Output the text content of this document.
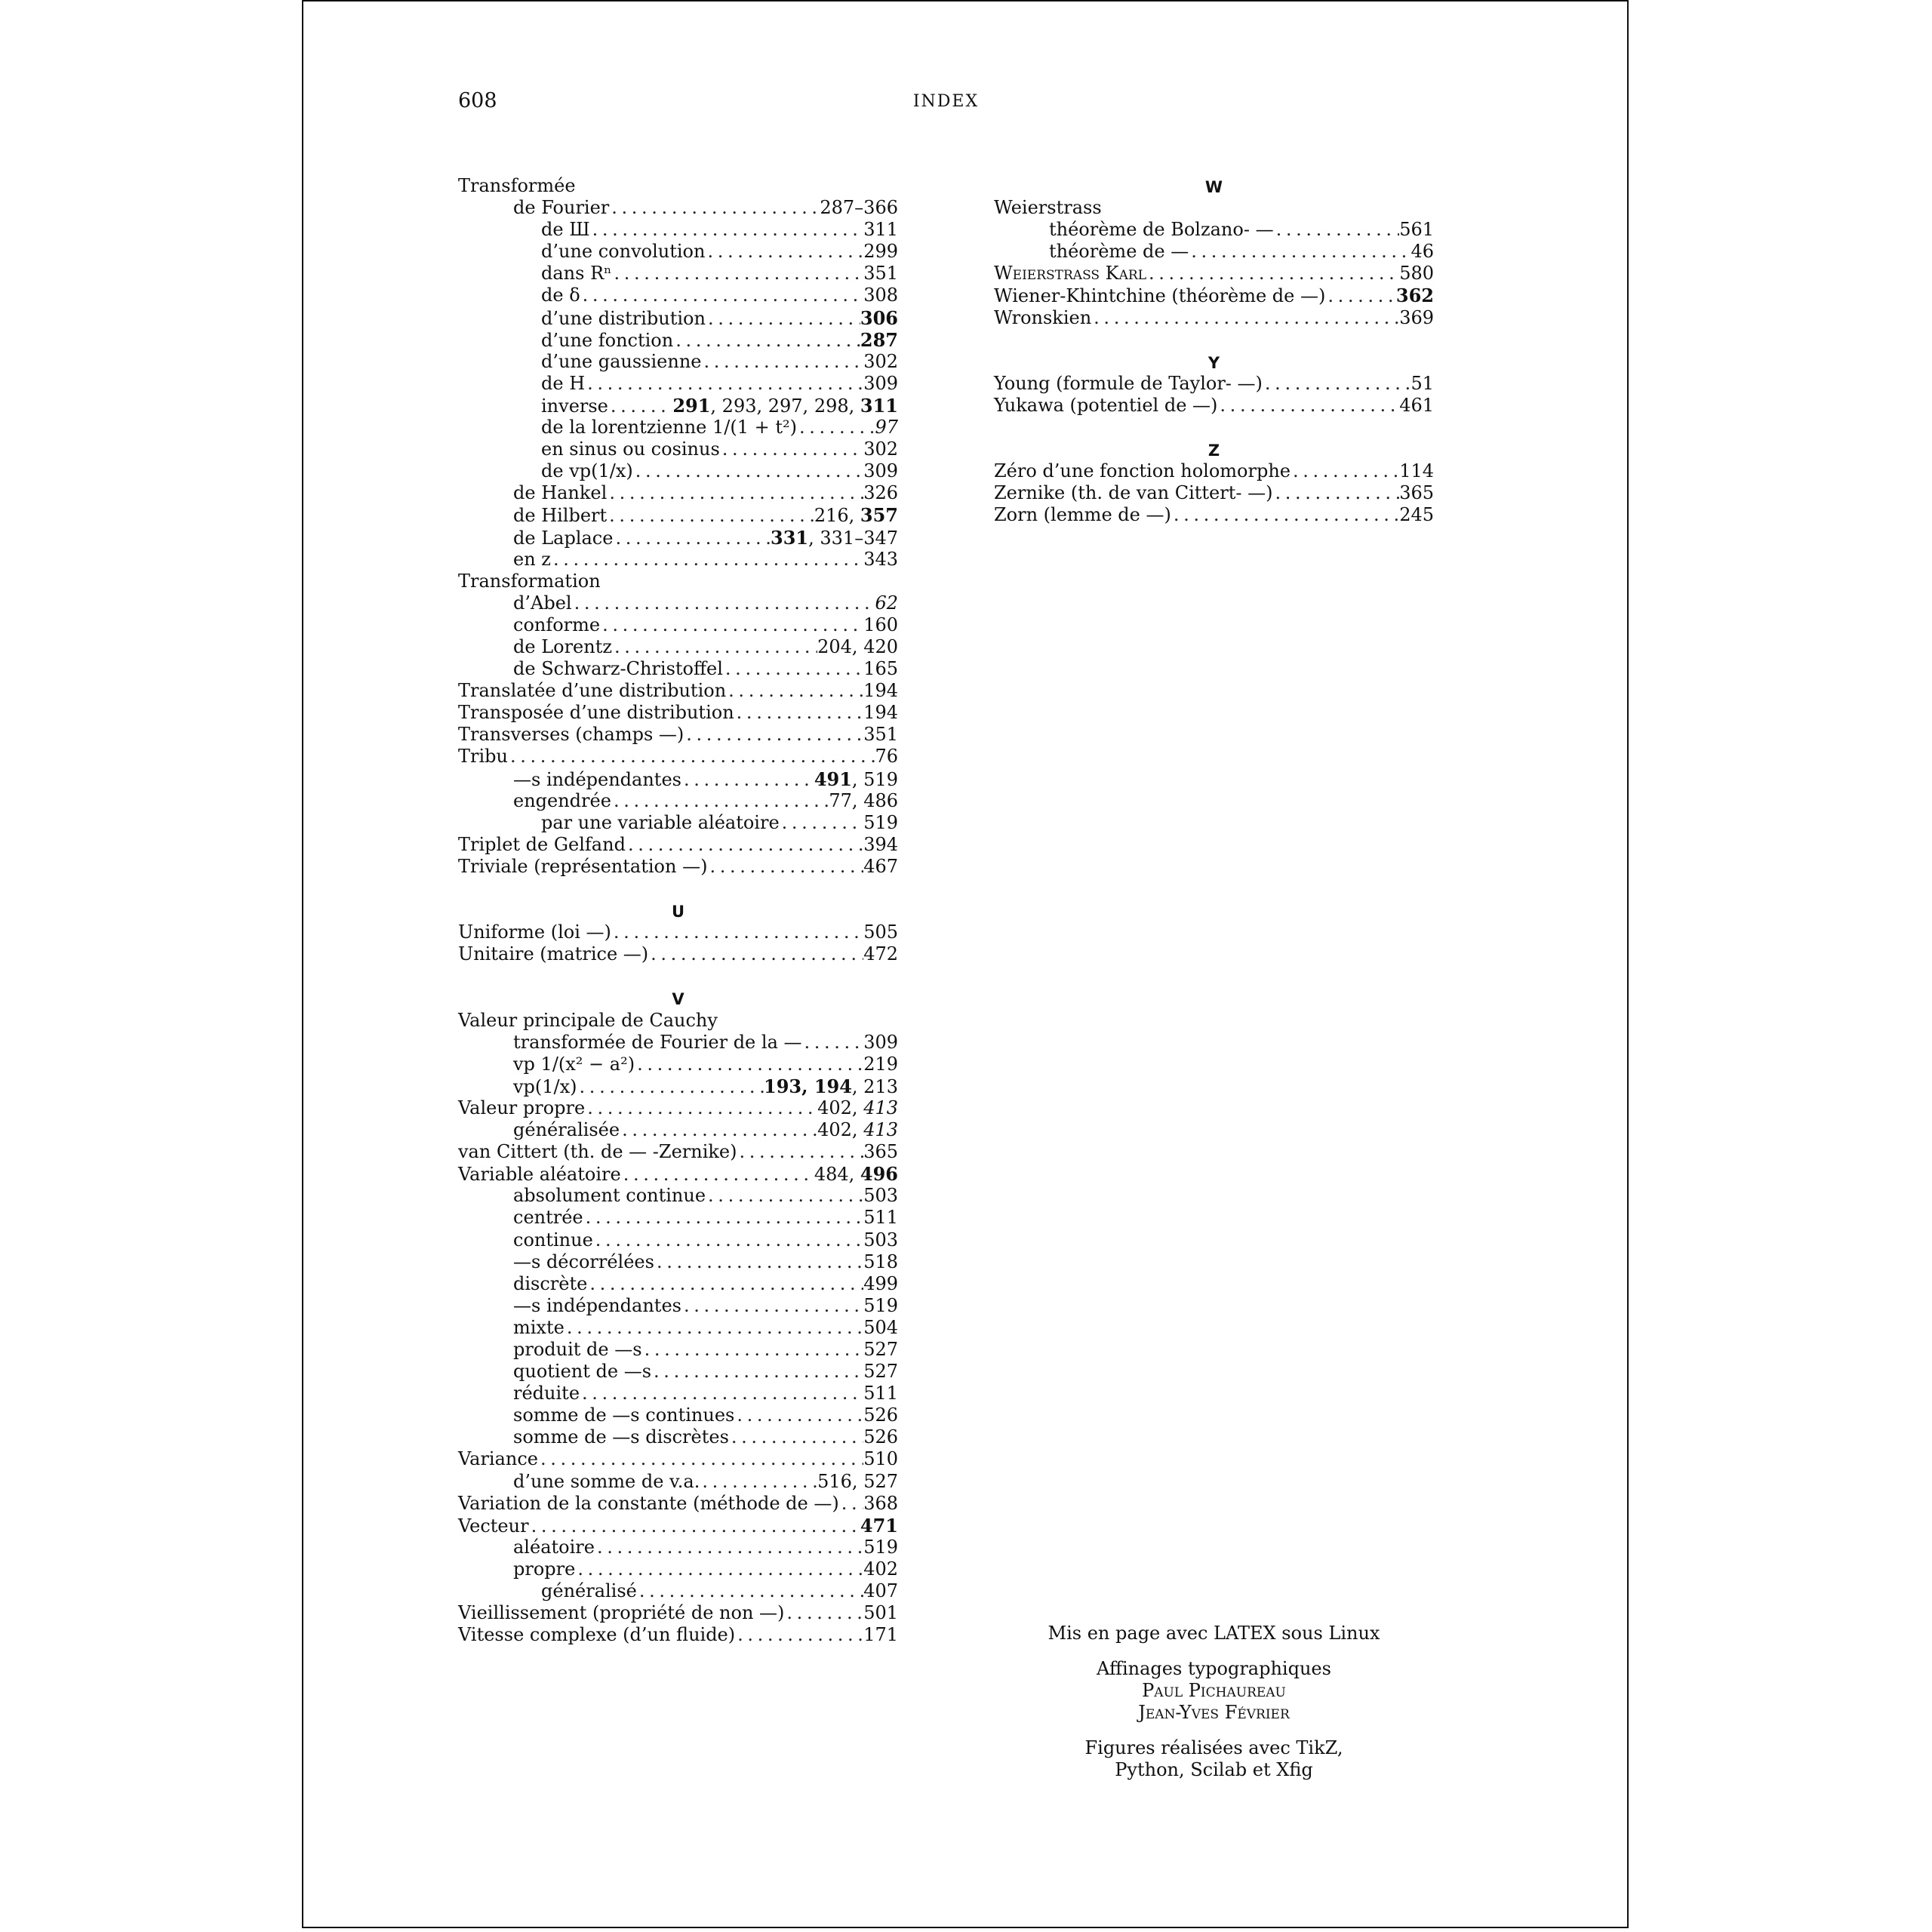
608	INDEX
Transformée
de Fourier . . .	287–366
de Ш . . .	311
d’une convolution . . .	299
dans Rⁿ . . .	351
de δ . . .	308
d’une distribution . . .	306
d’une fonction . . .	287
d’une gaussienne . . .	302
de H . . .	309
inverse . . .	291, 293, 297, 298, 311
de la lorentzienne 1/(1 + t²) . . .	97
en sinus ou cosinus . . .	302
de vp(1/x) . . .	309
de Hankel . . .	326
de Hilbert . . .	216, 357
de Laplace . . .	331, 331–347
en z . . .	343
Transformation
d’Abel . . .	62
conforme . . .	160
de Lorentz . . .	204, 420
de Schwarz-Christoffel . . .	165
Translatée d’une distribution . . .	194
Transposée d’une distribution . . .	194
Transverses (champs —) . . .	351
Tribu . . .	76
—s indépendantes . . .	491, 519
engendrée . . .	77, 486
par une variable aléatoire . . .	519
Triplet de Gelfand . . .	394
Triviale (représentation —) . . .	467
U
Uniforme (loi —) . . .	505
Unitaire (matrice —) . . .	472
V
Valeur principale de Cauchy
transformée de Fourier de la — . . .	309
vp 1/(x² − a²) . . .	219
vp(1/x) . . .	193, 194, 213
Valeur propre . . .	402, 413
généralisée . . .	402, 413
van Cittert (th. de — -Zernike) . . .	365
Variable aléatoire . . .	484, 496
absolument continue . . .	503
centrée . . .	511
continue . . .	503
—s décorrélées . . .	518
discrète . . .	499
—s indépendantes . . .	519
mixte . . .	504
produit de —s . . .	527
quotient de —s . . .	527
réduite . . .	511
somme de —s continues . . .	526
somme de —s discrètes . . .	526
Variance . . .	510
d’une somme de v.a. . . .	516, 527
Variation de la constante (méthode de —) . . . 368
Vecteur . . .	471
aléatoire . . .	519
propre . . .	402
généralisé . . .	407
Vieillissement (propriété de non —) . . .	501
Vitesse complexe (d’un fluide) . . .	171
W
Weierstrass
théorème de Bolzano- — . . .	561
théorème de — . . .	46
Weierstrass Karl . . .	580
Wiener-Khintchine (théorème de —) . . .	362
Wronskien . . .	369
Y
Young (formule de Taylor- —) . . .	51
Yukawa (potentiel de —) . . .	461
Z
Zéro d’une fonction holomorphe . . .	114
Zernike (th. de van Cittert- —) . . .	365
Zorn (lemme de —) . . .	245

Mis en page avec LATEX sous Linux

Affinages typographiques
Paul Pichaureau
Jean-Yves Février

Figures réalisées avec TikZ,
Python, Scilab et Xfig
